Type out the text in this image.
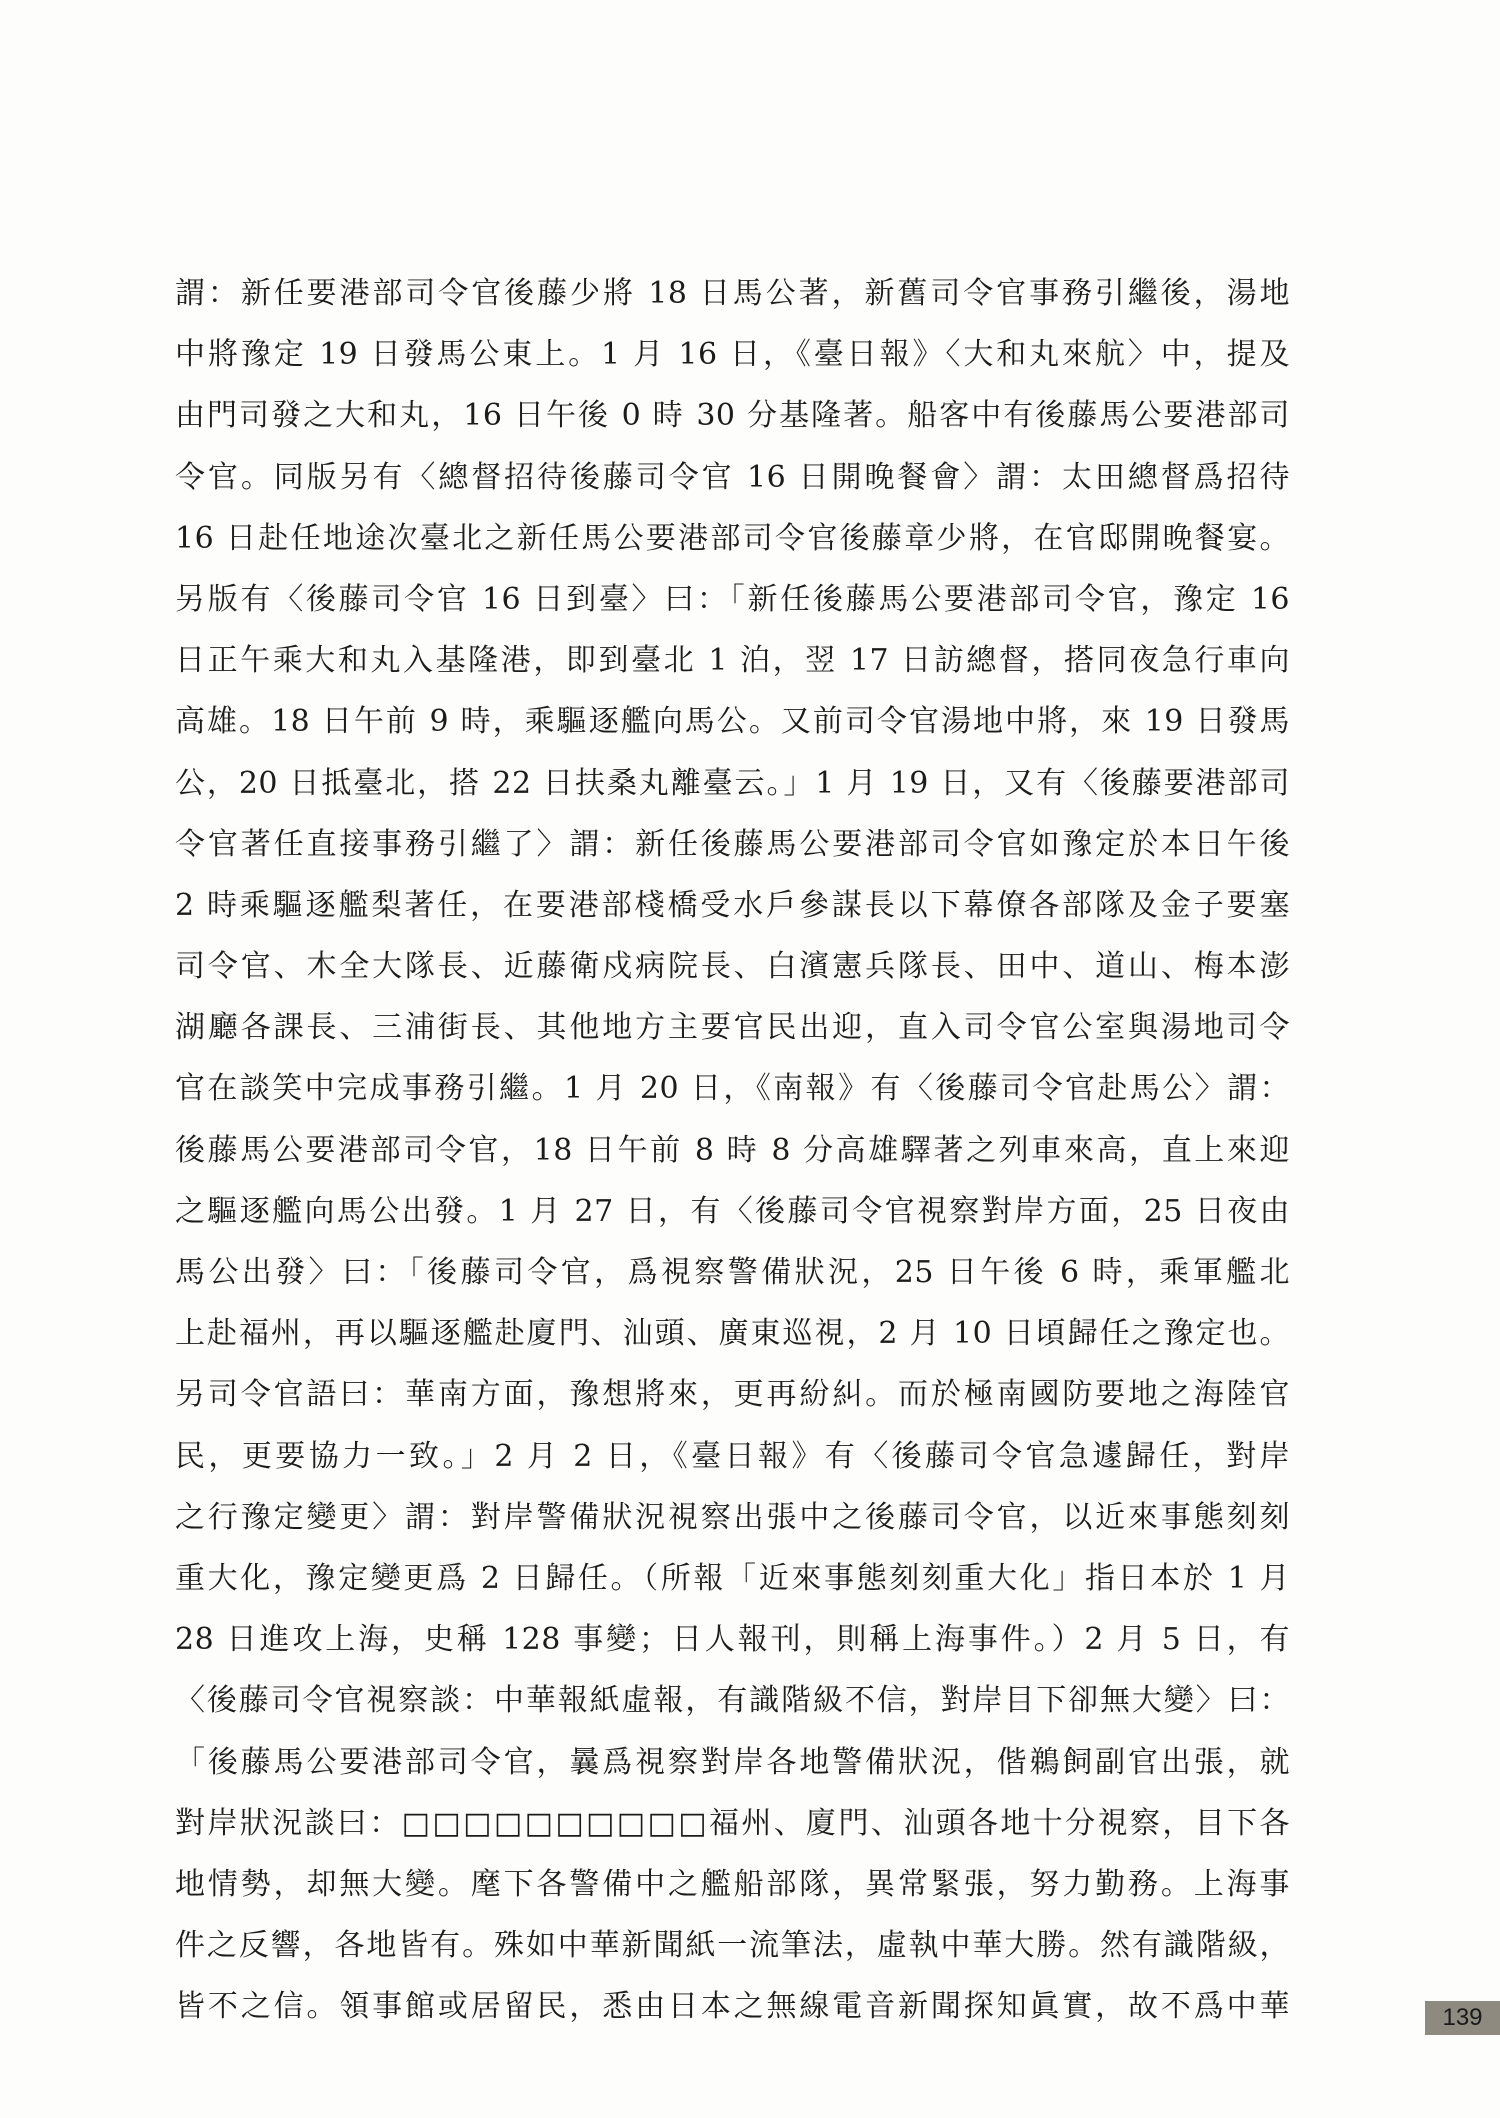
謂：新任要港部司令官後藤少將 18 日馬公著，新舊司令官事務引繼後，湯地
中將豫定 19 日發馬公東上。1 月 16 日，《臺日報》〈大和丸來航〉中，提及
由門司發之大和丸，16 日午後 0 時 30 分基隆著。船客中有後藤馬公要港部司
令官。同版另有〈總督招待後藤司令官 16 日開晚餐會〉謂：太田總督爲招待
16 日赴任地途次臺北之新任馬公要港部司令官後藤章少將，在官邸開晚餐宴。
另版有〈後藤司令官 16 日到臺〉曰：「新任後藤馬公要港部司令官，豫定 16
日正午乘大和丸入基隆港，即到臺北 1 泊，翌 17 日訪總督，搭同夜急行車向
高雄。18 日午前 9 時，乘驅逐艦向馬公。又前司令官湯地中將，來 19 日發馬
公，20 日抵臺北，搭 22 日扶桑丸離臺云。」1 月 19 日，又有〈後藤要港部司
令官著任直接事務引繼了〉謂：新任後藤馬公要港部司令官如豫定於本日午後
2 時乘驅逐艦梨著任，在要港部棧橋受水戶參謀長以下幕僚各部隊及金子要塞
司令官、木全大隊長、近藤衛戍病院長、白濱憲兵隊長、田中、道山、梅本澎
湖廳各課長、三浦街長、其他地方主要官民出迎，直入司令官公室與湯地司令
官在談笑中完成事務引繼。1 月 20 日，《南報》有〈後藤司令官赴馬公〉謂：
後藤馬公要港部司令官，18 日午前 8 時 8 分高雄驛著之列車來高，直上來迎
之驅逐艦向馬公出發。1 月 27 日，有〈後藤司令官視察對岸方面，25 日夜由
馬公出發〉曰：「後藤司令官，爲視察警備狀況，25 日午後 6 時，乘軍艦北
上赴福州，再以驅逐艦赴廈門、汕頭、廣東巡視，2 月 10 日頃歸任之豫定也。
另司令官語曰：華南方面，豫想將來，更再紛糾。而於極南國防要地之海陸官
民，更要協力一致。」2 月 2 日，《臺日報》有〈後藤司令官急遽歸任，對岸
之行豫定變更〉謂：對岸警備狀況視察出張中之後藤司令官，以近來事態刻刻
重大化，豫定變更爲 2 日歸任。（所報「近來事態刻刻重大化」指日本於 1 月
28 日進攻上海，史稱 128 事變；日人報刊，則稱上海事件。）2 月 5 日，有
〈後藤司令官視察談：中華報紙虛報，有識階級不信，對岸目下卻無大變〉曰：
「後藤馬公要港部司令官，曩爲視察對岸各地警備狀況，偕鵜飼副官出張，就
對岸狀況談曰：□□□□□□□□□□福州、廈門、汕頭各地十分視察，目下各
地情勢，却無大變。麾下各警備中之艦船部隊，異常緊張，努力勤務。上海事
件之反響，各地皆有。殊如中華新聞紙一流筆法，虛執中華大勝。然有識階級，
皆不之信。領事館或居留民，悉由日本之無線電音新聞探知眞實，故不爲中華	139
